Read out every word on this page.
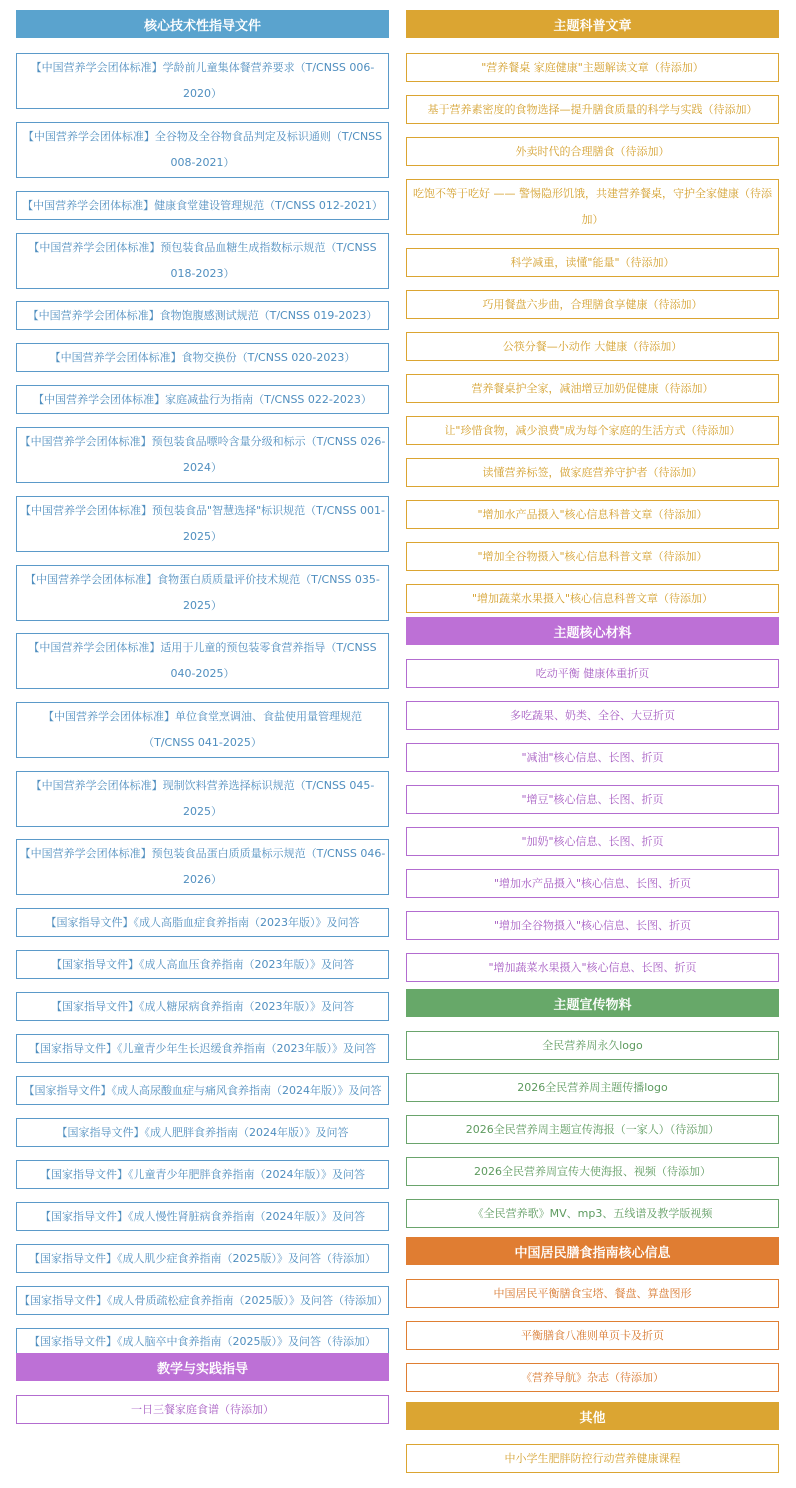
核心技术性指导文件
【中国营养学会团体标准】学龄前儿童集体餐营养要求（T/CNSS 006-2020）
【中国营养学会团体标准】全谷物及全谷物食品判定及标识通则（T/CNSS 008-2021）
【中国营养学会团体标准】健康食堂建设管理规范（T/CNSS 012-2021）
【中国营养学会团体标准】预包装食品血糖生成指数标示规范（T/CNSS 018-2023）
【中国营养学会团体标准】食物饱腹感测试规范（T/CNSS 019-2023）
【中国营养学会团体标准】食物交换份（T/CNSS 020-2023）
【中国营养学会团体标准】家庭减盐行为指南（T/CNSS 022-2023）
【中国营养学会团体标准】预包装食品嘌呤含量分级和标示（T/CNSS 026-2024）
【中国营养学会团体标准】预包装食品"智慧选择"标识规范（T/CNSS 001-2025）
【中国营养学会团体标准】食物蛋白质质量评价技术规范（T/CNSS 035-2025）
【中国营养学会团体标准】适用于儿童的预包装零食营养指导（T/CNSS 040-2025）
【中国营养学会团体标准】单位食堂烹调油、食盐使用量管理规范（T/CNSS 041-2025）
【中国营养学会团体标准】现制饮料营养选择标识规范（T/CNSS 045-2025）
【中国营养学会团体标准】预包装食品蛋白质质量标示规范（T/CNSS 046-2026）
【国家指导文件】《成人高脂血症食养指南（2023年版）》及问答
【国家指导文件】《成人高血压食养指南（2023年版）》及问答
【国家指导文件】《成人糖尿病食养指南（2023年版）》及问答
【国家指导文件】《儿童青少年生长迟缓食养指南（2023年版）》及问答
【国家指导文件】《成人高尿酸血症与痛风食养指南（2024年版）》及问答
【国家指导文件】《成人肥胖食养指南（2024年版）》及问答
【国家指导文件】《儿童青少年肥胖食养指南（2024年版）》及问答
【国家指导文件】《成人慢性肾脏病食养指南（2024年版）》及问答
【国家指导文件】《成人肌少症食养指南（2025版）》及问答（待添加）
【国家指导文件】《成人骨质疏松症食养指南（2025版）》及问答（待添加）
【国家指导文件】《成人脑卒中食养指南（2025版）》及问答（待添加）
教学与实践指导
一日三餐家庭食谱（待添加）
主题科普文章
"营养餐桌 家庭健康"主题解读文章（待添加）
基于营养素密度的食物选择—提升膳食质量的科学与实践（待添加）
外卖时代的合理膳食（待添加）
吃饱不等于吃好 —— 警惕隐形饥饿，共建营养餐桌，守护全家健康（待添加）
科学减重，读懂"能量"（待添加）
巧用餐盘六步曲，合理膳食享健康（待添加）
公筷分餐—小动作 大健康（待添加）
营养餐桌护全家，减油增豆加奶促健康（待添加）
让"珍惜食物，减少浪费"成为每个家庭的生活方式（待添加）
读懂营养标签，做家庭营养守护者（待添加）
"增加水产品摄入"核心信息科普文章（待添加）
"增加全谷物摄入"核心信息科普文章（待添加）
"增加蔬菜水果摄入"核心信息科普文章（待添加）
主题核心材料
吃动平衡 健康体重折页
多吃蔬果、奶类、全谷、大豆折页
"减油"核心信息、长图、折页
"增豆"核心信息、长图、折页
"加奶"核心信息、长图、折页
"增加水产品摄入"核心信息、长图、折页
"增加全谷物摄入"核心信息、长图、折页
"增加蔬菜水果摄入"核心信息、长图、折页
主题宣传物料
全民营养周永久logo
2026全民营养周主题传播logo
2026全民营养周主题宣传海报（一家人）（待添加）
2026全民营养周宣传大使海报、视频（待添加）
《全民营养歌》MV、mp3、五线谱及教学版视频
中国居民膳食指南核心信息
中国居民平衡膳食宝塔、餐盘、算盘图形
平衡膳食八准则单页卡及折页
《营养导航》杂志（待添加）
其他
中小学生肥胖防控行动营养健康课程
